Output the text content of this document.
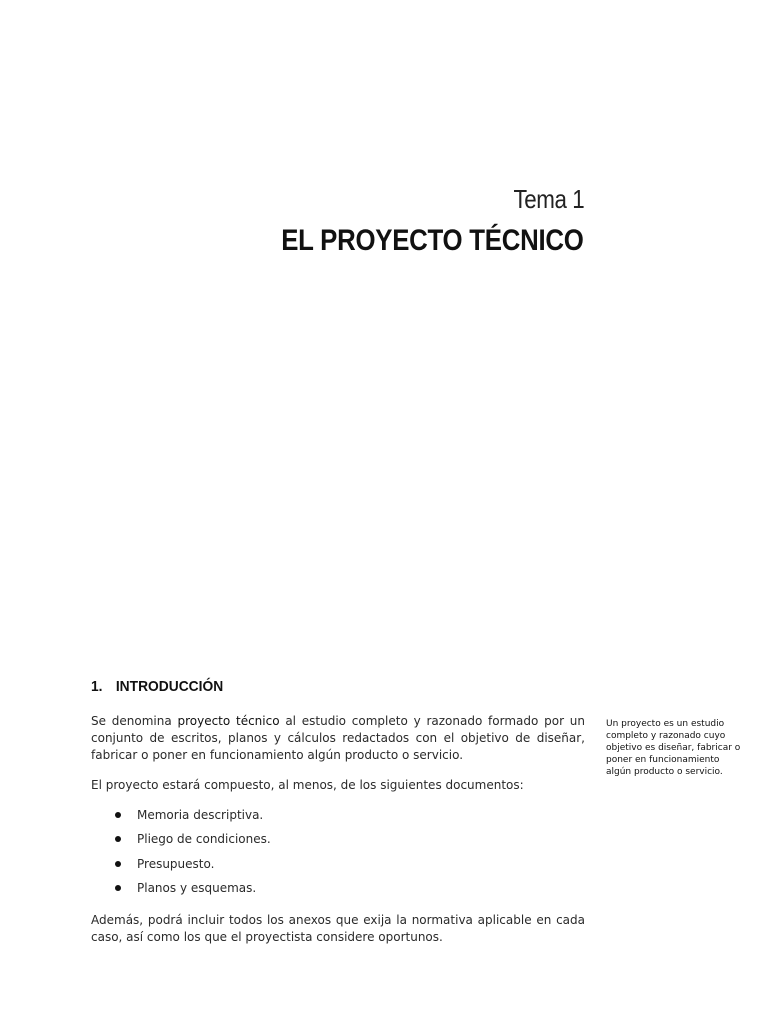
Tema 1
EL PROYECTO TÉCNICO
1. INTRODUCCIÓN

Se denomina proyecto técnico al estudio completo y razonado formado por un conjunto de escritos, planos y cálculos redactados con el objetivo de diseñar, fabricar o poner en funcionamiento algún producto o servicio.

El proyecto estará compuesto, al menos, de los siguientes documentos:

Memoria descriptiva.
Pliego de condiciones.
Presupuesto.
Planos y esquemas.

Además, podrá incluir todos los anexos que exija la normativa aplicable en cada caso, así como los que el proyectista considere oportunos.

Un proyecto es un estudio completo y razonado cuyo objetivo es diseñar, fabricar o poner en funcionamiento algún producto o servicio.
